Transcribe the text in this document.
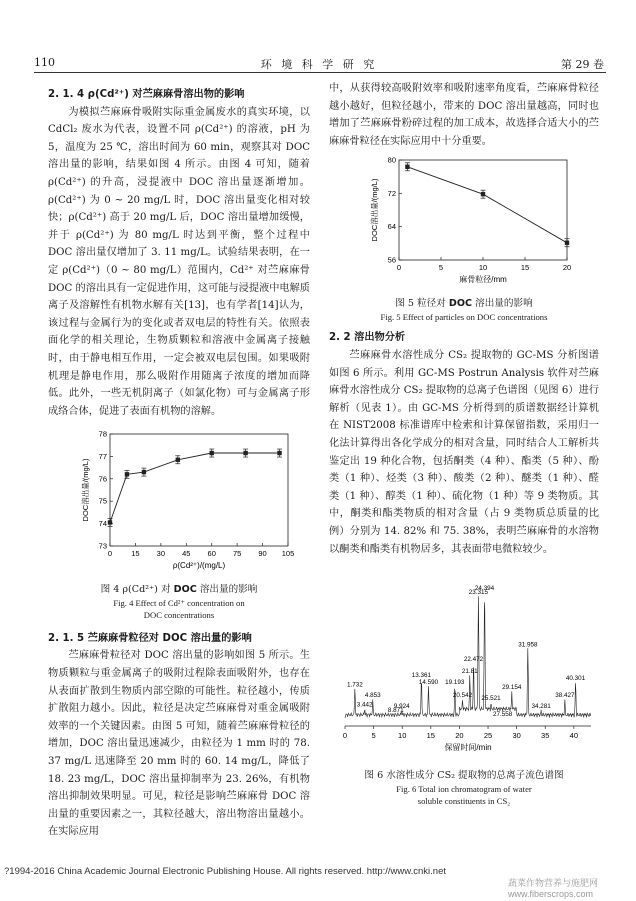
110	环 境 科 学 研 究	第 29 卷

2. 1. 4 ρ(Cd²⁺) 对苎麻麻骨溶出物的影响

为模拟苎麻麻骨吸附实际重金属废水的真实环境，以 CdCl₂ 废水为代表，设置不同 ρ(Cd²⁺) 的溶液，pH 为 5，温度为 25 ℃，溶出时间为 60 min，观察其对 DOC 溶出量的影响，结果如图 4 所示。由图 4 可知，随着 ρ(Cd²⁺) 的升高，浸提液中 DOC 溶出量逐渐增加。ρ(Cd²⁺) 为 0 ~ 20 mg/L 时，DOC 溶出量变化相对较快；ρ(Cd²⁺) 高于 20 mg/L 后，DOC 溶出量增加缓慢，并于 ρ(Cd²⁺) 为 80 mg/L 时达到平衡，整个过程中 DOC 溶出量仅增加了 3. 11 mg/L。试验结果表明，在一定 ρ(Cd²⁺)（0 ~ 80 mg/L）范围内，Cd²⁺ 对苎麻麻骨 DOC 的溶出具有一定促进作用，这可能与浸提液中电解质离子及溶解性有机物水解有关[13]，也有学者[14]认为，该过程与金属行为的变化或者双电层的特性有关。依照表面化学的相关理论，生物质颗粒和溶液中金属离子接触时，由于静电相互作用，一定会被双电层包围。如果吸附机理是静电作用，那么吸附作用随离子浓度的增加而降低。此外，一些无机阴离子（如氯化物）可与金属离子形成络合体，促进了表面有机物的溶解。

0	15 30 45 60 75 90 105
73
74
75
76
77
78
ρ(Cd²⁺)/(mg/L)
DOC溶出量/(mg/L)

图 4 ρ(Cd²⁺) 对 DOC 溶出量的影响

Fig. 4 Effect of Cd²⁺ concentration on

DOC concentrations

2. 1. 5 苎麻麻骨粒径对 DOC 溶出量的影响

苎麻麻骨粒径对 DOC 溶出量的影响如图 5 所示。生物质颗粒与重金属离子的吸附过程除表面吸附外，也存在从表面扩散到生物质内部空隙的可能性。粒径越小，传质扩散阻力越小。因此，粒径是决定苎麻麻骨对重金属吸附效率的一个关键因素。由图 5 可知，随着苎麻麻骨粒径的增加，DOC 溶出量迅速减少，由粒径为 1 mm 时的 78. 37 mg/L 迅速降至 20 mm 时的 60. 14 mg/L，降低了 18. 23 mg/L，DOC 溶出量抑制率为 23. 26%，有机物溶出抑制效果明显。可见，粒径是影响苎麻麻骨 DOC 溶出量的重要因素之一，其粒径越大，溶出物溶出量越小。在实际应用

中，从获得较高吸附效率和吸附速率角度看，苎麻麻骨粒径越小越好，但粒径越小，带来的 DOC 溶出量越高，同时也增加了苎麻麻骨粉碎过程的加工成本，故选择合适大小的苎麻麻骨粒径在实际应用中十分重要。

0	5	10	15	20
56
64
72
80
麻骨粒径/mm
DOC溶出量/(mg/L)

图 5 粒径对 DOC 溶出量的影响

Fig. 5 Effect of particles on DOC concentrations

2. 2 溶出物分析

苎麻麻骨水溶性成分 CS₂ 提取物的 GC-MS 分析图谱如图 6 所示。利用 GC-MS Postrun Analysis 软件对苎麻麻骨水溶性成分 CS₂ 提取物的总离子色谱图（见图 6）进行解析（见表 1）。由 GC-MS 分析得到的质谱数据经计算机在 NIST2008 标准谱库中检索和计算保留指数，采用归一化法计算得出各化学成分的相对含量，同时结合人工解析共鉴定出 19 种化合物，包括酮类（4 种）、酯类（5 种）、酚类（1 种）、烃类（3 种）、酸类（2 种）、醚类（1 种）、醛类（1 种）、醇类（1 种）、硫化物（1 种）等 9 类物质。其中，酮类和酯类物质的相对含量（占 9 类物质总质量的比例）分别为 14. 82% 和 75. 38%，表明苎麻麻骨的水溶物以酮类和酯类有机物居多，其表面带电微粒较少。

0	5	10	15	20	25	30	35	40
1.732
3.442
4.853
8.871
9.924
13.361
14.590 19.193
20.542
21.81
22.472
23.315
24.394
25.521
27.558
29.154
31.958
34.281
38.427
40.301
保留时间/min

图 6 水溶性成分 CS₂ 提取物的总离子流色谱图

Fig. 6 Total ion chromatogram of water

soluble constituents in CS₂

?1994-2016 China Academic Journal Electronic Publishing House. All rights reserved. http://www.cnki.net
蔬菜作物营养与施肥网 www.fiberscrops.com
